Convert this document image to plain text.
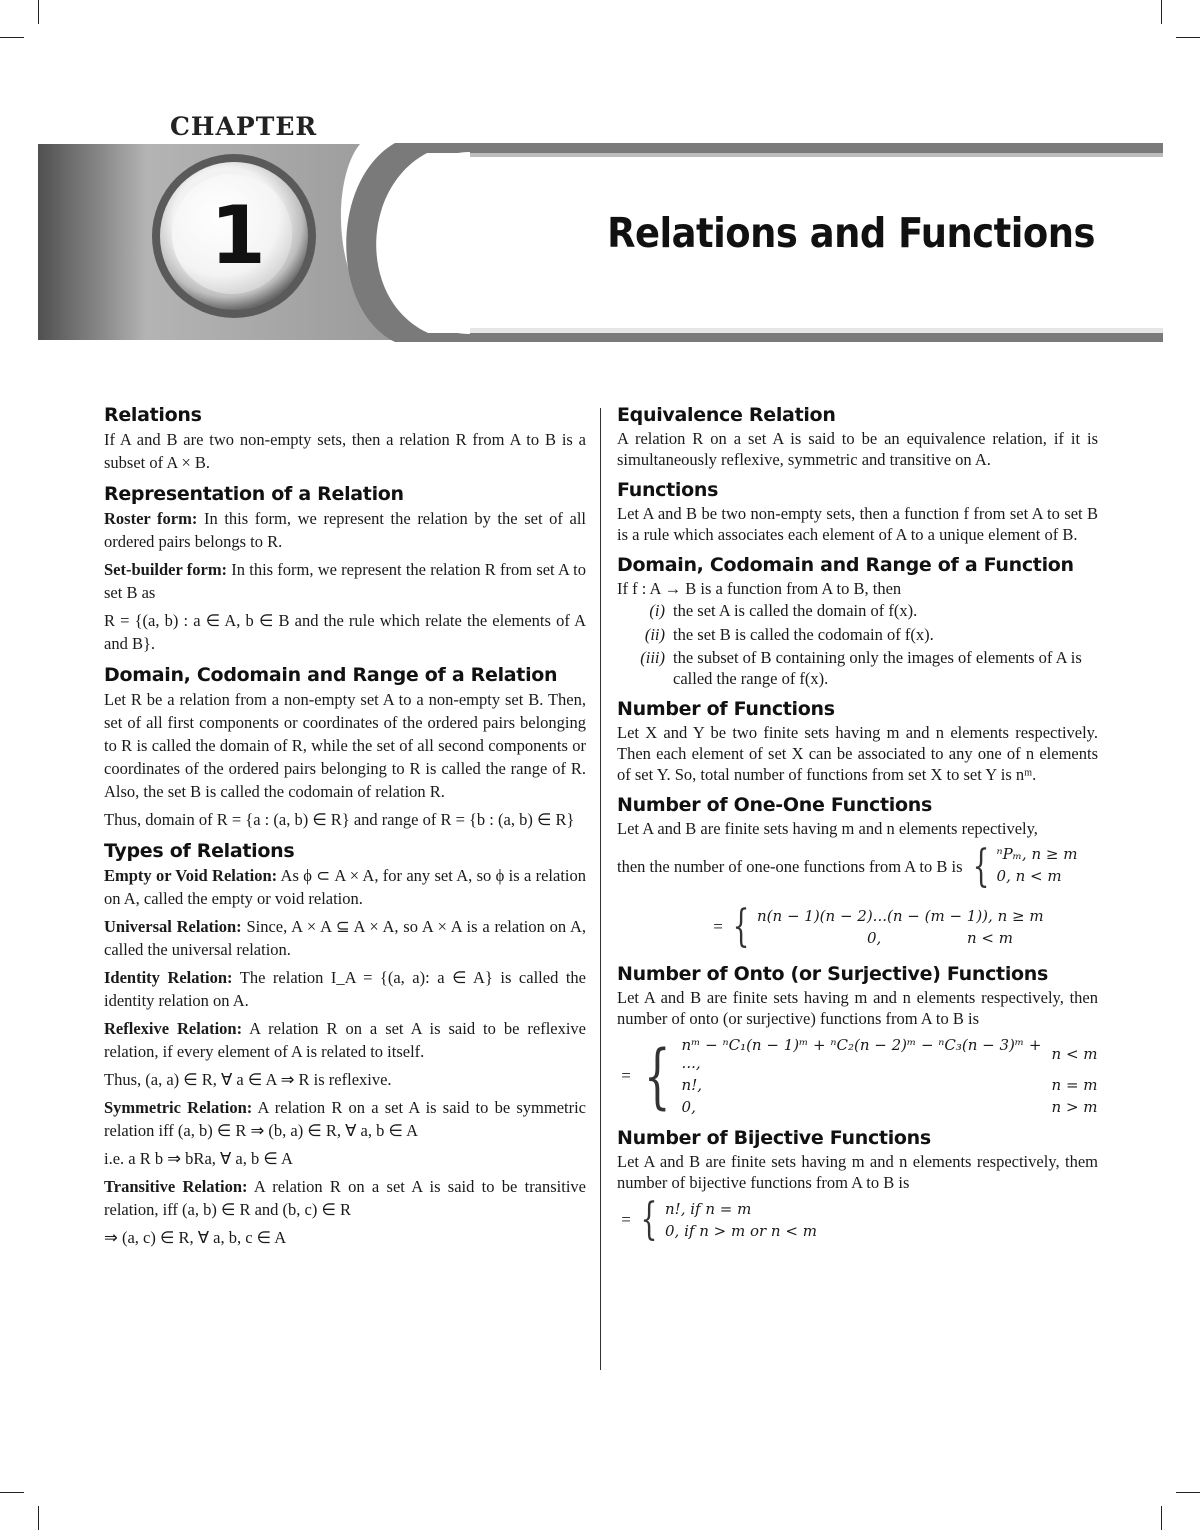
CHAPTER
1	Relations and Functions
Relations

If A and B are two non-empty sets, then a relation R from A to B is a subset of A × B.

Representation of a Relation

Roster form: In this form, we represent the relation by the set of all ordered pairs belongs to R.

Set-builder form: In this form, we represent the relation R from set A to set B as

R = {(a, b) : a ∈ A, b ∈ B and the rule which relate the elements of A and B}.

Domain, Codomain and Range of a Relation

Let R be a relation from a non-empty set A to a non-empty set B. Then, set of all first components or coordinates of the ordered pairs belonging to R is called the domain of R, while the set of all second components or coordinates of the ordered pairs belonging to R is called the range of R. Also, the set B is called the codomain of relation R.

Thus, domain of R = {a : (a, b) ∈ R} and range of R = {b : (a, b) ∈ R}

Types of Relations

Empty or Void Relation: As ϕ ⊂ A × A, for any set A, so ϕ is a relation on A, called the empty or void relation.

Universal Relation: Since, A × A ⊆ A × A, so A × A is a relation on A, called the universal relation.

Identity Relation: The relation I_A = {(a, a): a ∈ A} is called the identity relation on A.

Reflexive Relation: A relation R on a set A is said to be reflexive relation, if every element of A is related to itself.

Thus, (a, a) ∈ R, ∀ a ∈ A ⇒ R is reflexive.

Symmetric Relation: A relation R on a set A is said to be symmetric relation iff (a, b) ∈ R ⇒ (b, a) ∈ R, ∀ a, b ∈ A

i.e. a R b ⇒ bRa, ∀ a, b ∈ A

Transitive Relation: A relation R on a set A is said to be transitive relation, iff (a, b) ∈ R and (b, c) ∈ R

⇒ (a, c) ∈ R, ∀ a, b, c ∈ A

Equivalence Relation

A relation R on a set A is said to be an equivalence relation, if it is simultaneously reflexive, symmetric and transitive on A.

Functions

Let A and B be two non-empty sets, then a function f from set A to set B is a rule which associates each element of A to a unique element of B.

Domain, Codomain and Range of a Function

If f : A → B is a function from A to B, then

(i) the set A is called the domain of f(x).
(ii) the set B is called the codomain of f(x).
(iii) the subset of B containing only the images of elements of A is called the range of f(x).
Number of Functions

Let X and Y be two finite sets having m and n elements respectively. Then each element of set X can be associated to any one of n elements of set Y. So, total number of functions from set X to set Y is nᵐ.

Number of One-One Functions

Let A and B are finite sets having m and n elements repectively,

then the number of one-one functions from A to B is { ⁿPₘ, n ≥ m
0, n < m
= { n(n − 1)(n − 2)...(n − (m − 1)), n ≥ m
0,	n < m
Number of Onto (or Surjective) Functions

Let A and B are finite sets having m and n elements respectively, then number of onto (or surjective) functions from A to B is

= { nᵐ − ⁿC₁(n − 1)ᵐ + ⁿC₂(n − 2)ᵐ − ⁿC₃(n − 3)ᵐ + ...,	n < m
n!,	n = m
0,	n > m
Number of Bijective Functions

Let A and B are finite sets having m and n elements respectively, them number of bijective functions from A to B is

= { n!, if n = m
0, if n > m or n < m
